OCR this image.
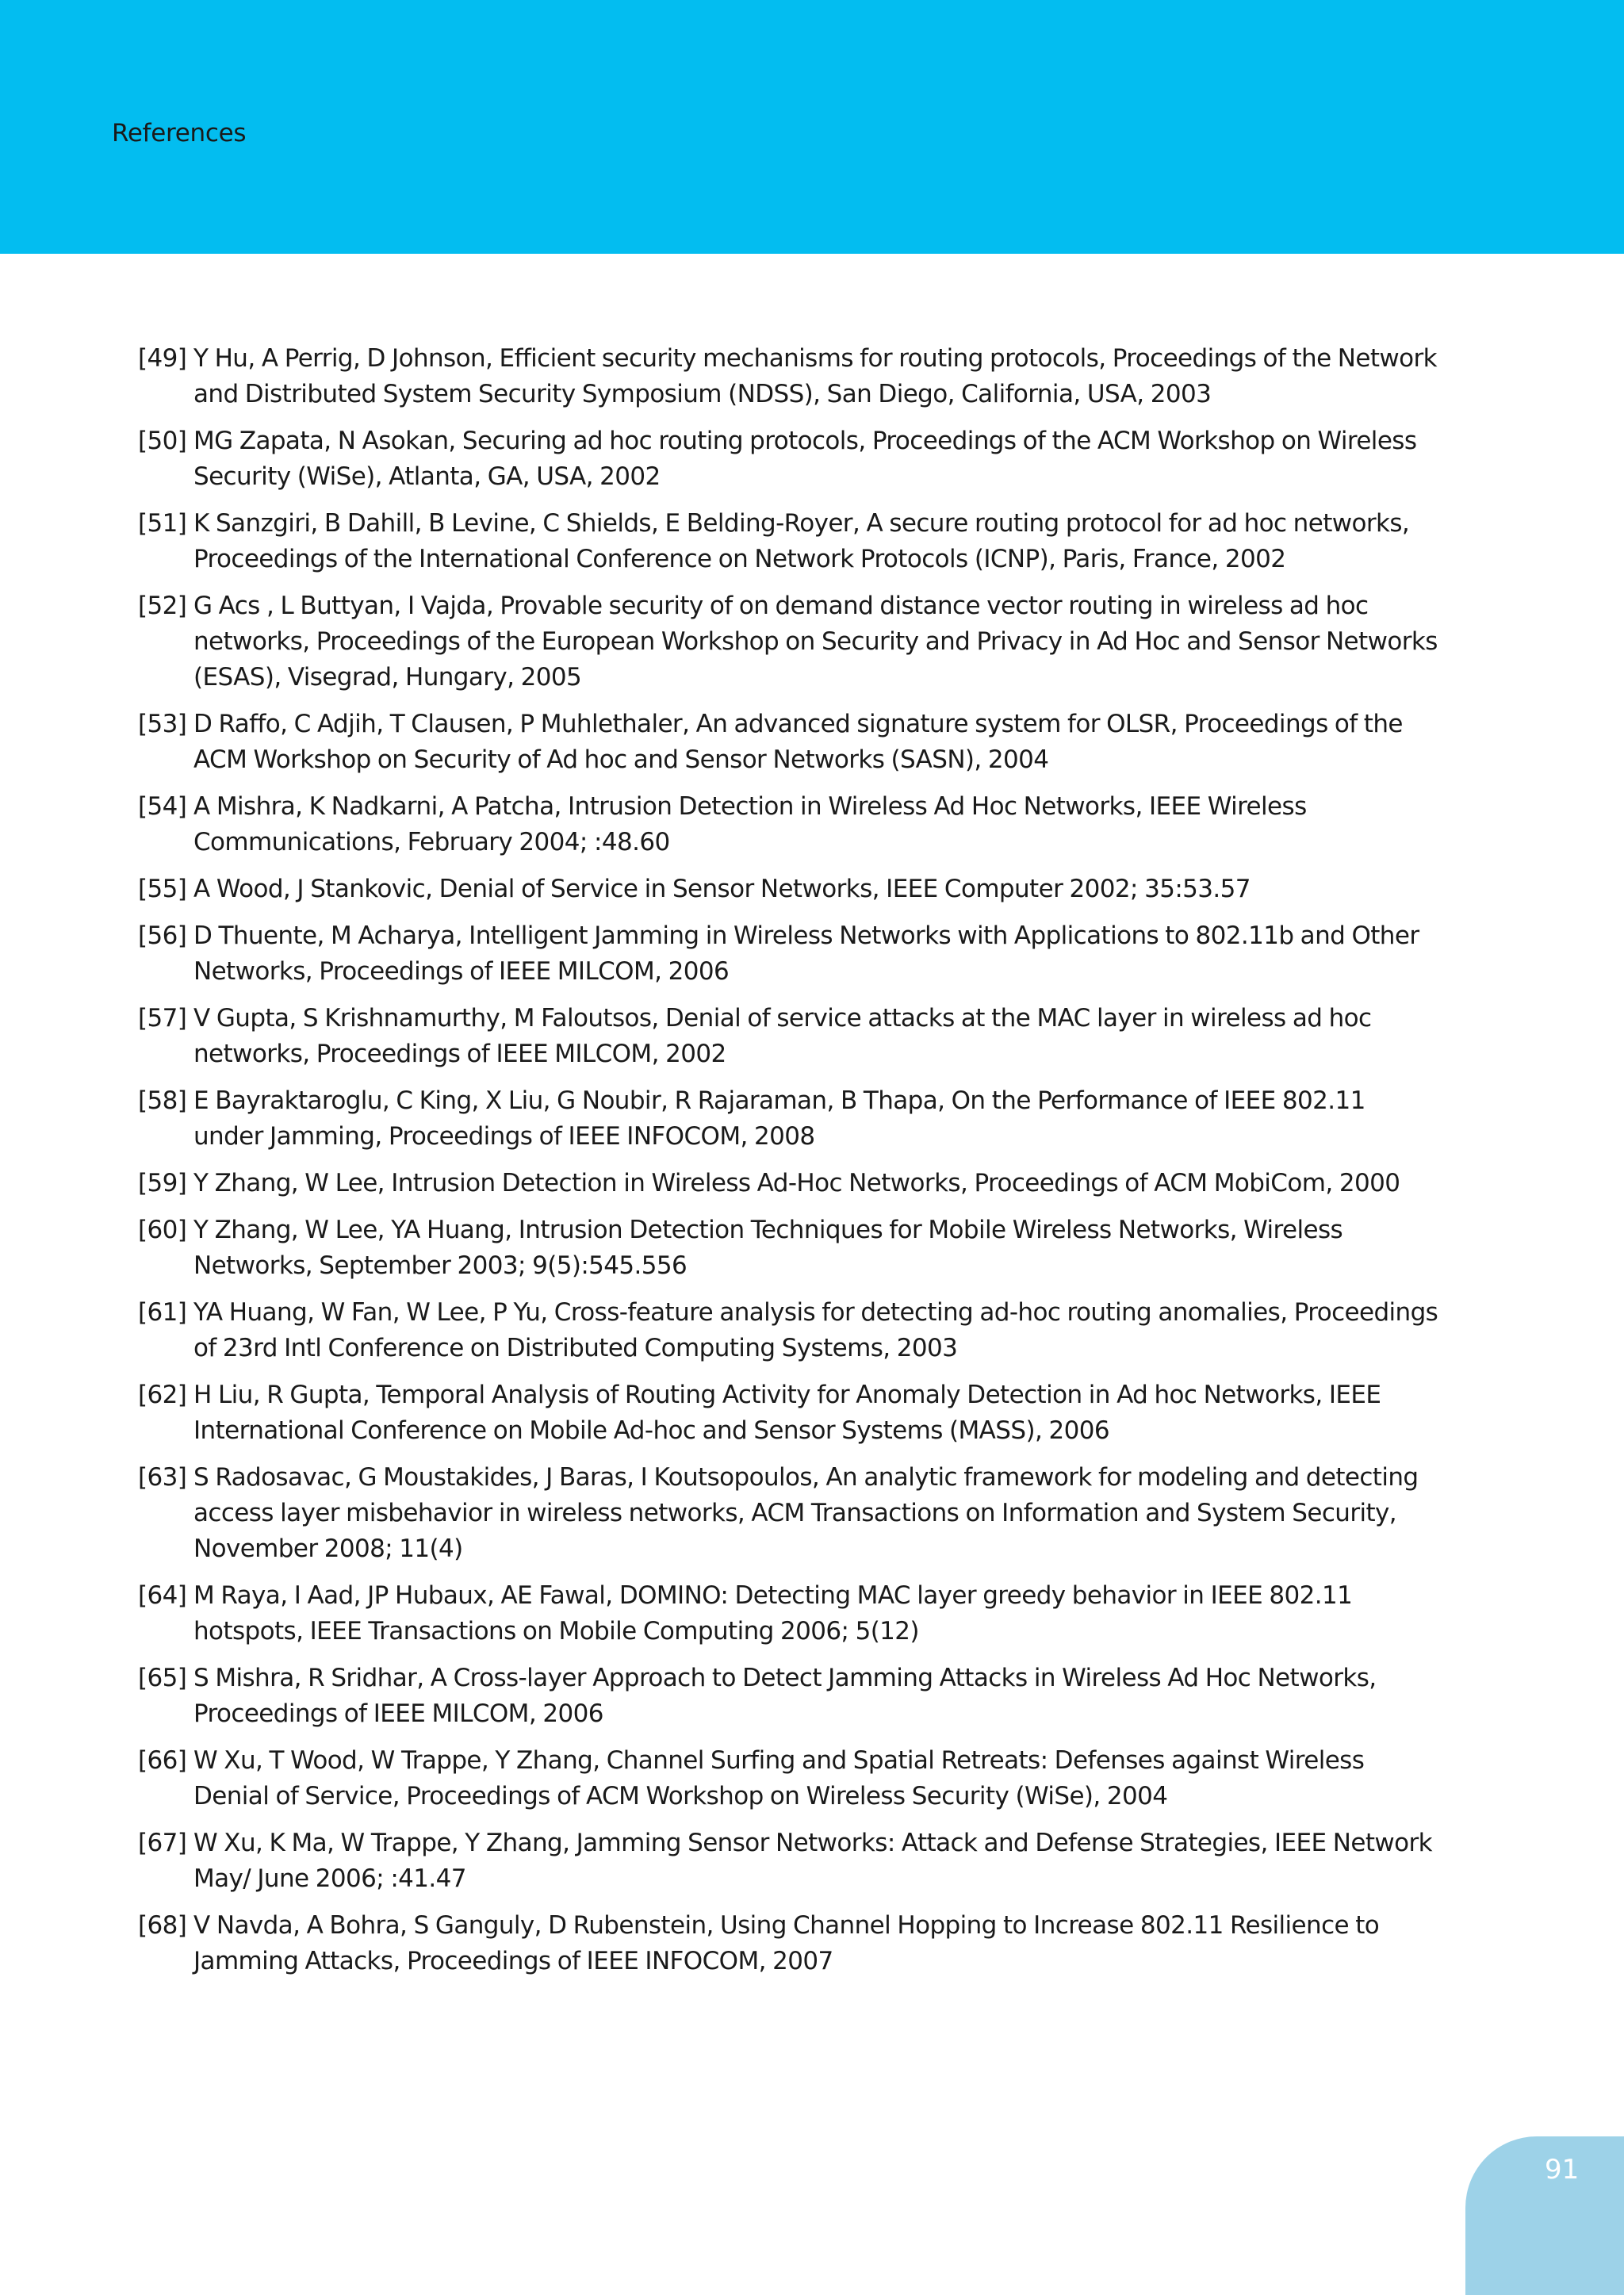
References
[49] Y Hu, A Perrig, D Johnson, Efficient security mechanisms for routing protocols, Proceedings of the Network and Distributed System Security Symposium (NDSS), San Diego, California, USA, 2003
[50] MG Zapata, N Asokan, Securing ad hoc routing protocols, Proceedings of the ACM Workshop on Wireless Security (WiSe), Atlanta, GA, USA, 2002
[51] K Sanzgiri, B Dahill, B Levine, C Shields, E Belding-Royer, A secure routing protocol for ad hoc networks, Proceedings of the International Conference on Network Protocols (ICNP), Paris, France, 2002
[52] G Acs , L Buttyan, I Vajda, Provable security of on demand distance vector routing in wireless ad hoc networks, Proceedings of the European Workshop on Security and Privacy in Ad Hoc and Sensor Networks (ESAS), Visegrad, Hungary, 2005
[53] D Raffo, C Adjih, T Clausen, P Muhlethaler, An advanced signature system for OLSR, Proceedings of the ACM Workshop on Security of Ad hoc and Sensor Networks (SASN), 2004
[54] A Mishra, K Nadkarni, A Patcha, Intrusion Detection in Wireless Ad Hoc Networks, IEEE Wireless Communications, February 2004; :48.60
[55] A Wood, J Stankovic, Denial of Service in Sensor Networks, IEEE Computer 2002; 35:53.57
[56] D Thuente, M Acharya, Intelligent Jamming in Wireless Networks with Applications to 802.11b and Other Networks, Proceedings of IEEE MILCOM, 2006
[57] V Gupta, S Krishnamurthy, M Faloutsos, Denial of service attacks at the MAC layer in wireless ad hoc networks, Proceedings of IEEE MILCOM, 2002
[58] E Bayraktaroglu, C King, X Liu, G Noubir, R Rajaraman, B Thapa, On the Performance of IEEE 802.11 under Jamming, Proceedings of IEEE INFOCOM, 2008
[59] Y Zhang, W Lee, Intrusion Detection in Wireless Ad-Hoc Networks, Proceedings of ACM MobiCom, 2000
[60] Y Zhang, W Lee, YA Huang, Intrusion Detection Techniques for Mobile Wireless Networks, Wireless Networks, September 2003; 9(5):545.556
[61] YA Huang, W Fan, W Lee, P Yu, Cross-feature analysis for detecting ad-hoc routing anomalies, Proceedings of 23rd Intl Conference on Distributed Computing Systems, 2003
[62] H Liu, R Gupta, Temporal Analysis of Routing Activity for Anomaly Detection in Ad hoc Networks, IEEE International Conference on Mobile Ad-hoc and Sensor Systems (MASS), 2006
[63] S Radosavac, G Moustakides, J Baras, I Koutsopoulos, An analytic framework for modeling and detecting access layer misbehavior in wireless networks, ACM Transactions on Information and System Security, November 2008; 11(4)
[64] M Raya, I Aad, JP Hubaux, AE Fawal, DOMINO: Detecting MAC layer greedy behavior in IEEE 802.11 hotspots, IEEE Transactions on Mobile Computing 2006; 5(12)
[65] S Mishra, R Sridhar, A Cross-layer Approach to Detect Jamming Attacks in Wireless Ad Hoc Networks, Proceedings of IEEE MILCOM, 2006
[66] W Xu, T Wood, W Trappe, Y Zhang, Channel Surfing and Spatial Retreats: Defenses against Wireless Denial of Service, Proceedings of ACM Workshop on Wireless Security (WiSe), 2004
[67] W Xu, K Ma, W Trappe, Y Zhang, Jamming Sensor Networks: Attack and Defense Strategies, IEEE Network May/ June 2006; :41.47
[68] V Navda, A Bohra, S Ganguly, D Rubenstein, Using Channel Hopping to Increase 802.11 Resilience to Jamming Attacks, Proceedings of IEEE INFOCOM, 2007
91
